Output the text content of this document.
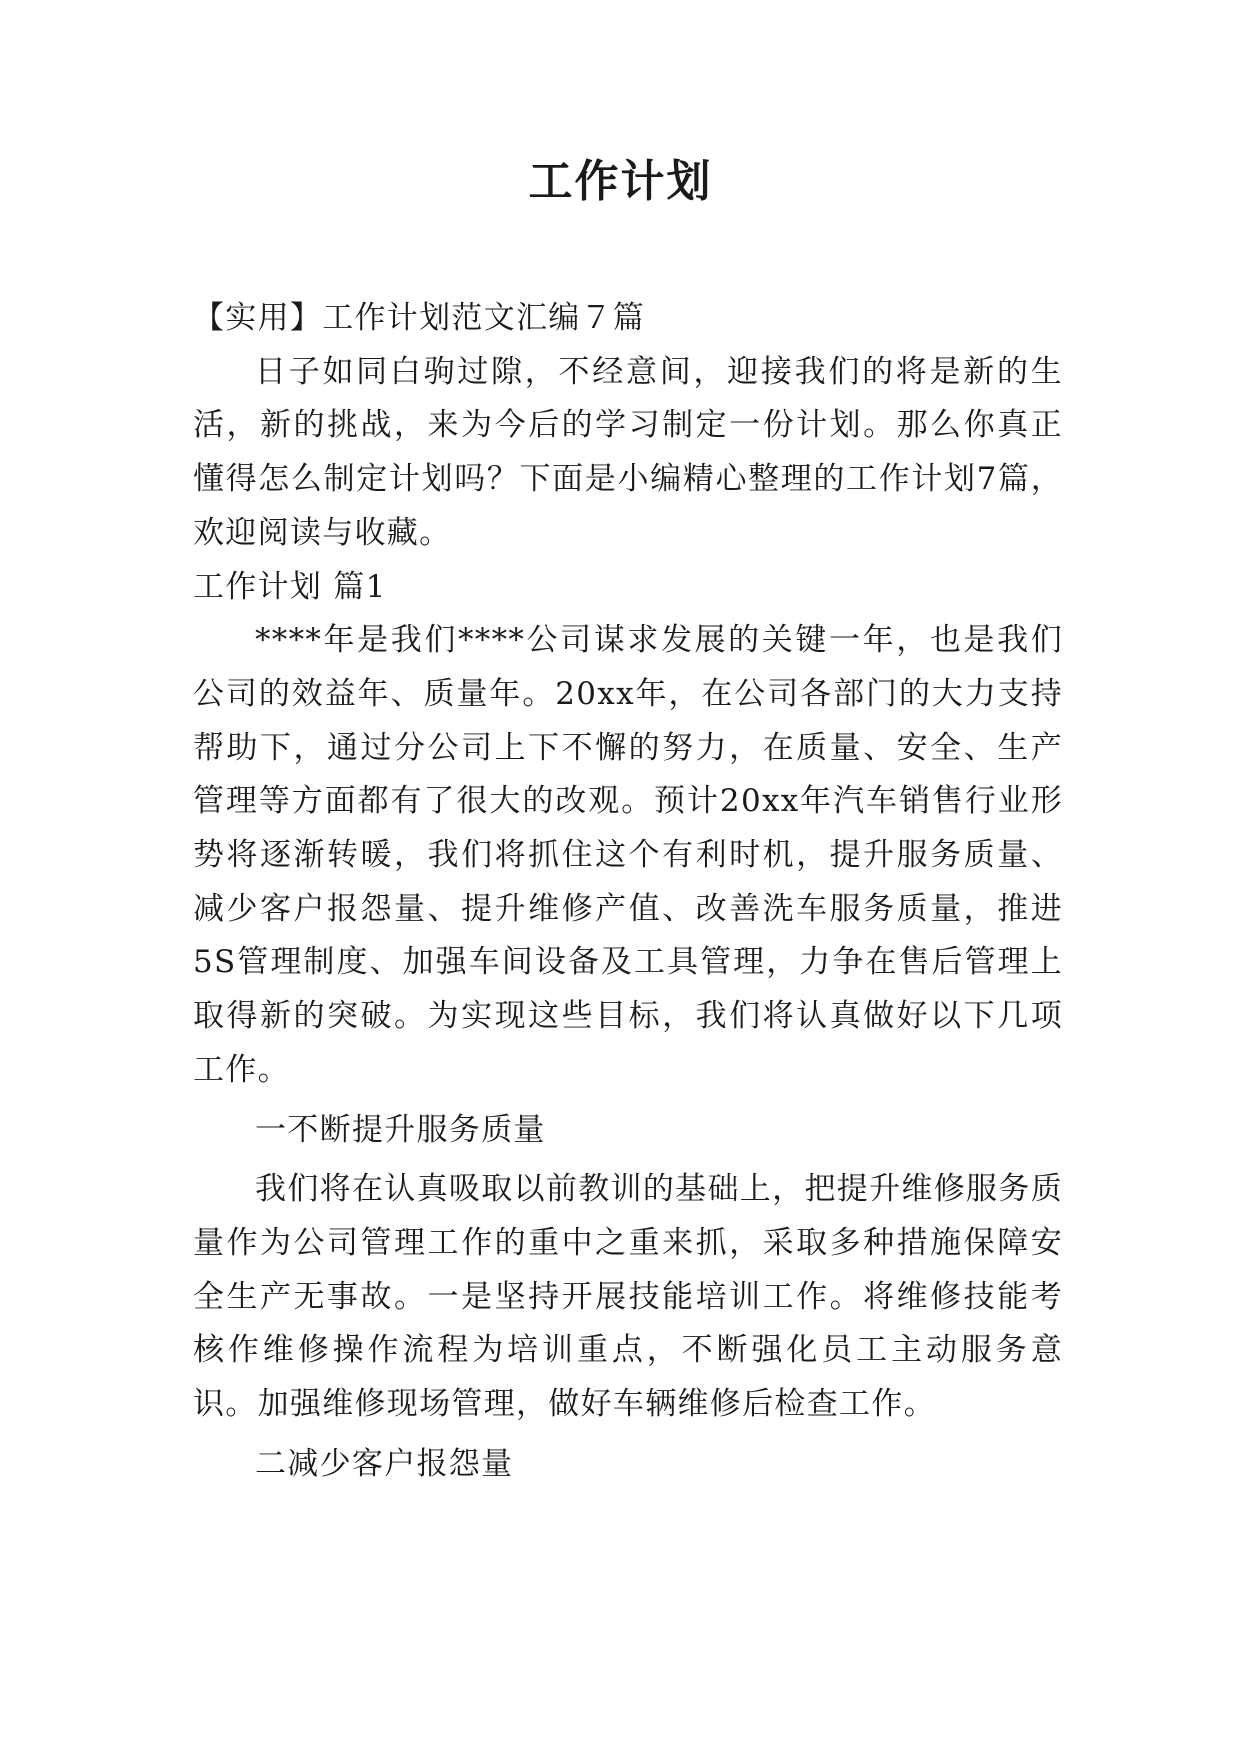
工作计划

【实用】工作计划范文汇编７篇

日子如同白驹过隙，不经意间，迎接我们的将是新的生活，新的挑战，来为今后的学习制定一份计划。那么你真正懂得怎么制定计划吗？下面是小编精心整理的工作计划7篇，欢迎阅读与收藏。

工作计划 篇1

****年是我们****公司谋求发展的关键一年，也是我们公司的效益年、质量年。20xx年，在公司各部门的大力支持帮助下，通过分公司上下不懈的努力，在质量、安全、生产管理等方面都有了很大的改观。预计20xx年汽车销售行业形势将逐渐转暖，我们将抓住这个有利时机，提升服务质量、减少客户报怨量、提升维修产值、改善洗车服务质量，推进5S管理制度、加强车间设备及工具管理，力争在售后管理上取得新的突破。为实现这些目标，我们将认真做好以下几项工作。

一不断提升服务质量

我们将在认真吸取以前教训的基础上，把提升维修服务质量作为公司管理工作的重中之重来抓，采取多种措施保障安全生产无事故。一是坚持开展技能培训工作。将维修技能考核作维修操作流程为培训重点，不断强化员工主动服务意识。加强维修现场管理，做好车辆维修后检查工作。

二减少客户报怨量
